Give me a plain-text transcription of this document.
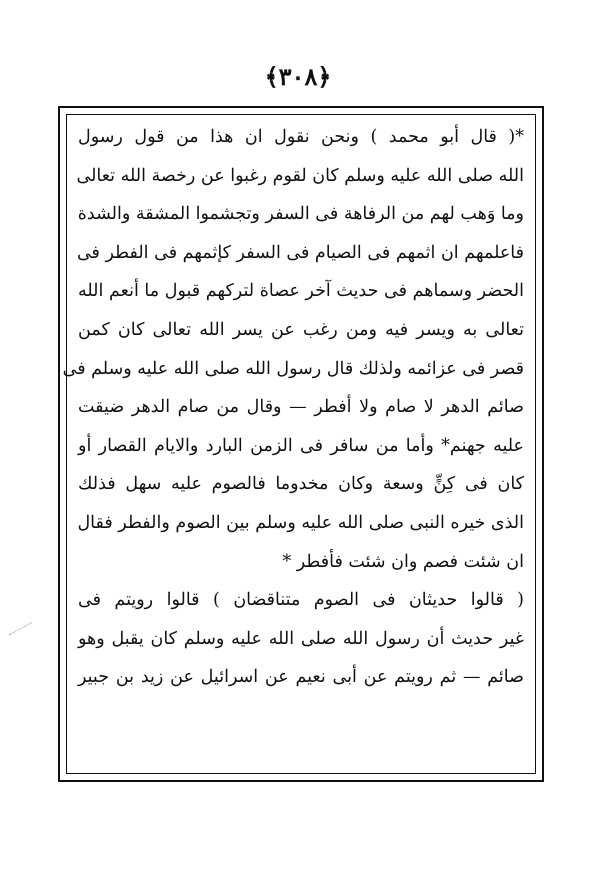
﴿٣٠٨﴾
*( قال أبو محمد ) ونحن نقول ان هذا من قول رسول
الله صلى الله عليه وسلم كان لقوم رغبوا عن رخصة الله تعالى
وما وَهب لهم من الرفاهة فى السفر وتجشموا المشقة والشدة
فاعلمهم ان اثمهم فى الصيام فى السفر كإثمهم فى الفطر فى
الحضر وسماهم فى حديث آخر عصاة لتركهم قبول ما أنعم الله
تعالى به ويسر فيه ومن رغب عن يسر الله تعالى كان كمن
قصر فى عزائمه ولذلك قال رسول الله صلى الله عليه وسلم فى
صائم الدهر لا صام ولا أفطر — وقال من صام الدهر ضيقت
عليه جهنم* وأما من سافر فى الزمن البارد والايام القصار أو
كان فى كِنٍّ وسعة وكان مخدوما فالصوم عليه سهل فذلك
الذى خيره النبى صلى الله عليه وسلم بين الصوم والفطر فقال
ان شئت فصم وان شئت فأفطر *
( قالوا حديثان فى الصوم متناقضان ) قالوا رويتم فى
غير حديث أن رسول الله صلى الله عليه وسلم كان يقبل وهو
صائم — ثم رويتم عن أبى نعيم عن اسرائيل عن زيد بن جبير
